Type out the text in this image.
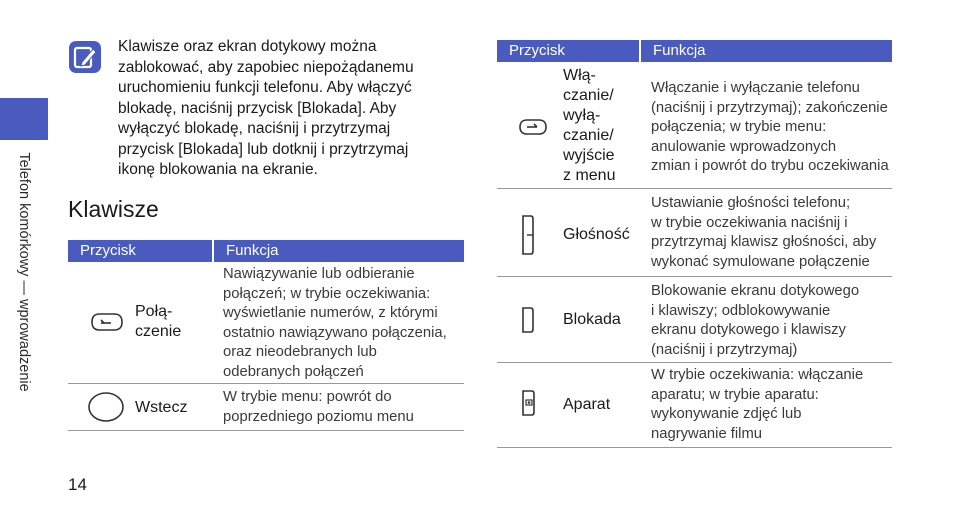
Telefon komórkowy — wprowadzenie
14
Klawisze oraz ekran dotykowy można
zablokować, aby zapobiec niepożądanemu
uruchomieniu funkcji telefonu. Aby włączyć
blokadę, naciśnij przycisk [Blokada]. Aby
wyłączyć blokadę, naciśnij i przytrzymaj
przycisk [Blokada] lub dotknij i przytrzymaj
ikonę blokowania na ekranie.
Klawisze
Przycisk	Funkcja
Połą-
czenie
Nawiązywanie lub odbieranie
połączeń; w trybie oczekiwania:
wyświetlanie numerów, z którymi
ostatnio nawiązywano połączenia,
oraz nieodebranych lub
odebranych połączeń
Wstecz
W trybie menu: powrót do
poprzedniego poziomu menu
Przycisk	Funkcja
Włą-
czanie/
wyłą-
czanie/
wyjście
z menu
Włączanie i wyłączanie telefonu
(naciśnij i przytrzymaj); zakończenie
połączenia; w trybie menu:
anulowanie wprowadzonych
zmian i powrót do trybu oczekiwania
Głośność
Ustawianie głośności telefonu;
w trybie oczekiwania naciśnij i
przytrzymaj klawisz głośności, aby
wykonać symulowane połączenie
Blokada
Blokowanie ekranu dotykowego
i klawiszy; odblokowywanie
ekranu dotykowego i klawiszy
(naciśnij i przytrzymaj)
Aparat
W trybie oczekiwania: włączanie
aparatu; w trybie aparatu:
wykonywanie zdjęć lub
nagrywanie filmu
